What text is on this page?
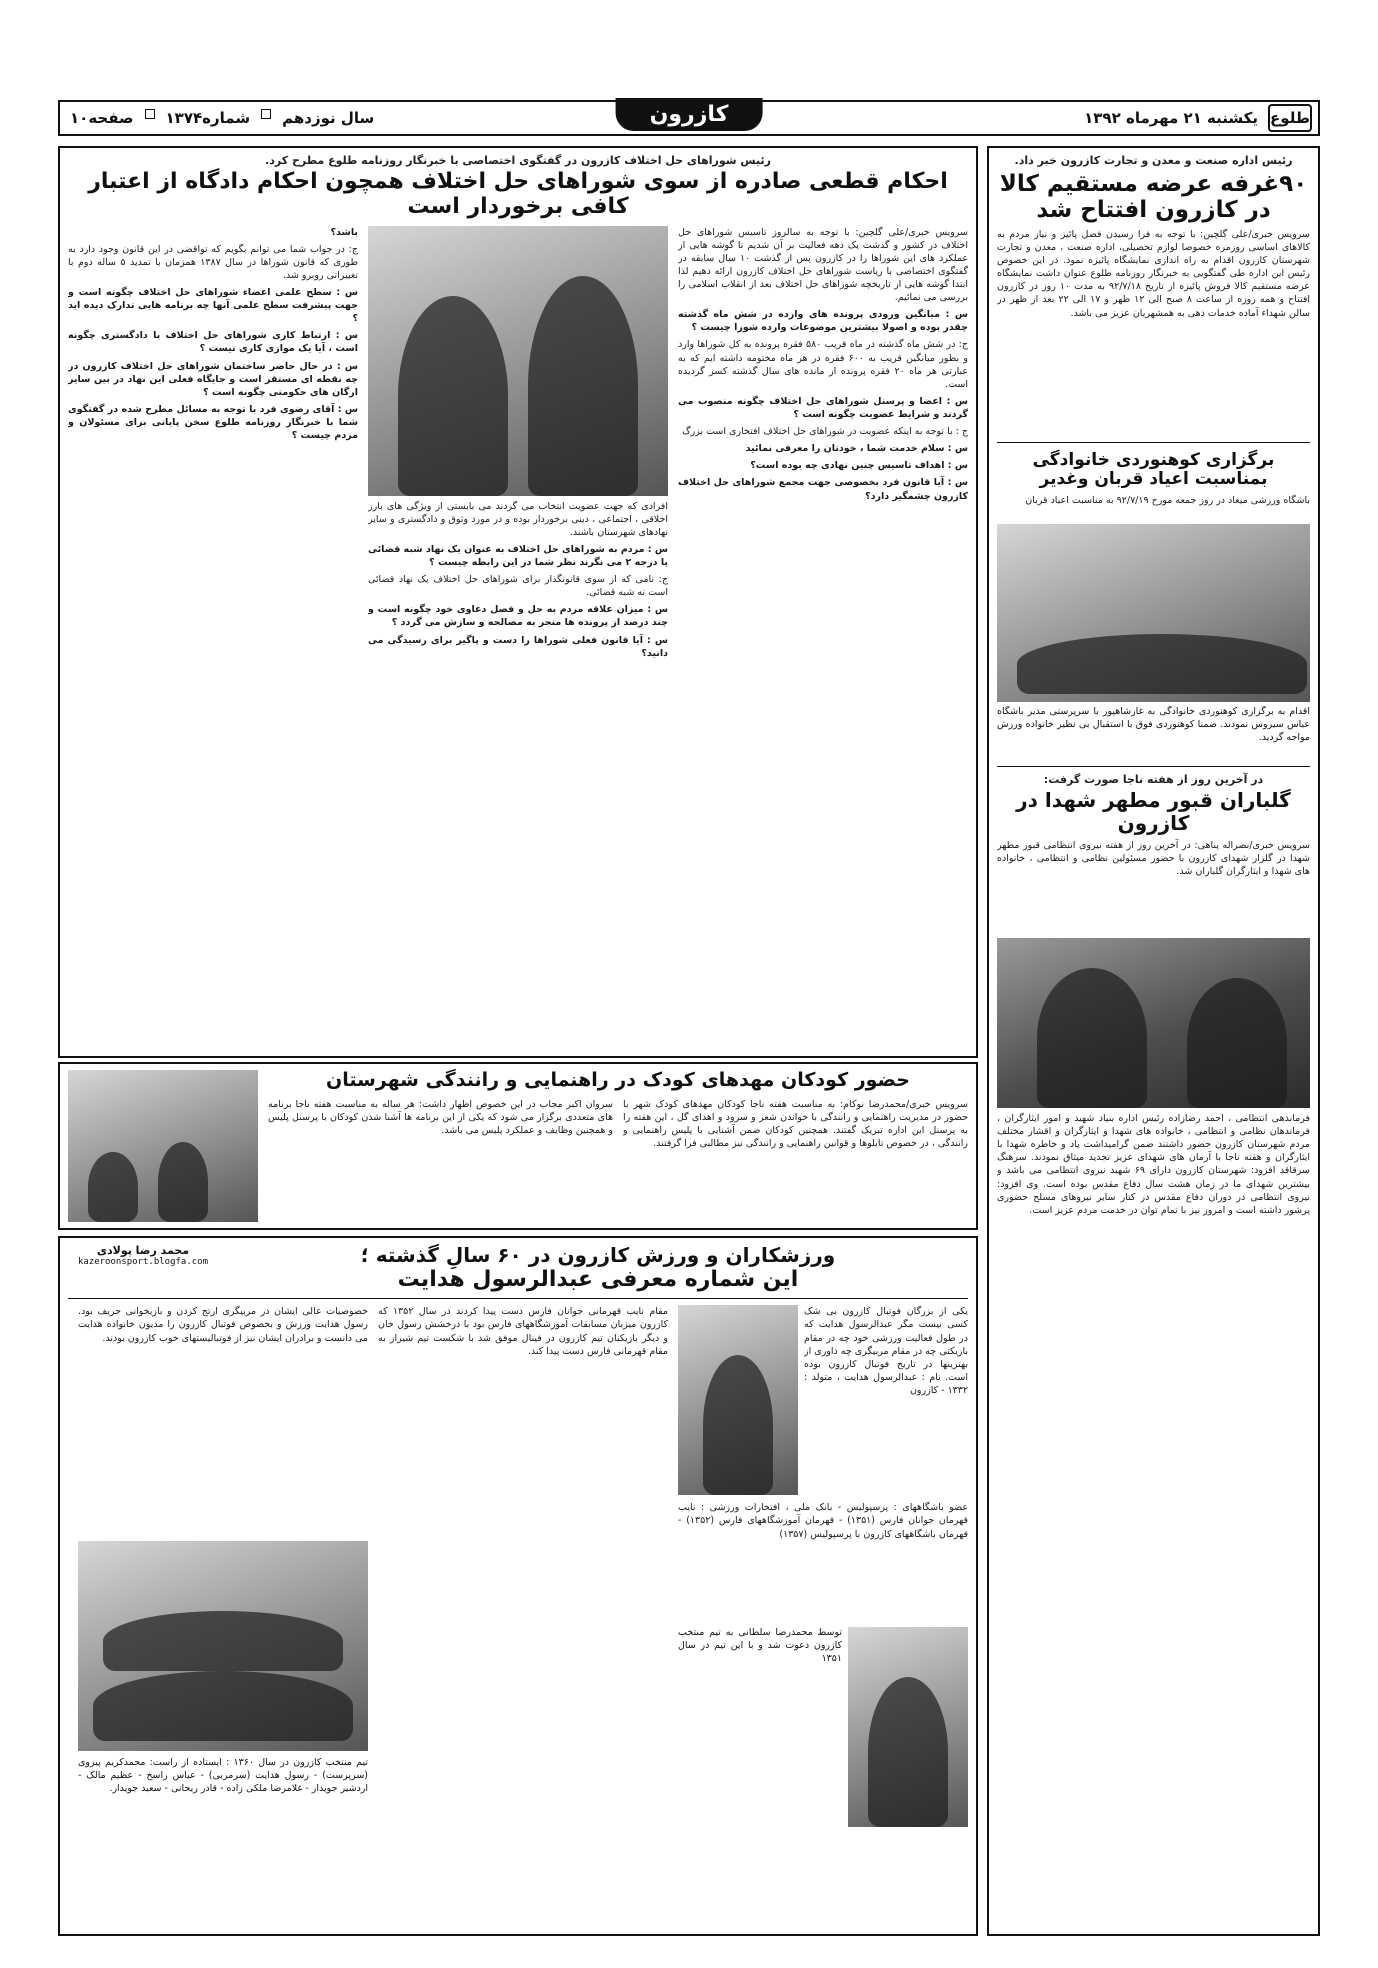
طلوع
یکشنبه ۲۱ مهرماه ۱۳۹۲
کازرون
سال نوزدهم
شماره۱۳۷۴
صفحه۱۰
رئیس اداره صنعت و معدن و تجارت کازرون خبر داد.
۹۰غرفه عرضه مستقیم کالا در کازرون افتتاح شد
سرویس خبری/علی گلچین: با توجه به فرا رسیدن فصل پائیز و نیاز مردم به کالاهای اساسی روزمره خصوصا لوازم تحصیلی، اداره صنعت ، معدن و تجارت شهرستان کازرون اقدام به راه اندازی نمایشگاه پائیزه نمود. در این خصوص رئیس این اداره طی گفتگویی به خبرنگار روزنامه طلوع عنوان داشت نمایشگاه عرضه مستقیم کالا فروش پائیزه از تاریخ ۹۲/۷/۱۸ به مدت ۱۰ روز در کازرون افتتاح و همه روزه از ساعت ۸ صبح الی ۱۲ ظهر و ۱۷ الی ۲۲ بعد از ظهر در سالن شهداء آماده خدمات دهی به همشهریان عزیز می باشد.
برگزاری کوهنوردی خانوادگی بمناسبت اعیاد قربان وغدیر
باشگاه ورزشی میعاد در روز جمعه مورخ ۹۲/۷/۱۹ به مناسبت اعیاد قربان
اقدام به برگزاری کوهنوردی خانوادگی به غارشاهپور با سرپرستی مدیر باشگاه عباس سیروس نمودند. ضمنا کوهنوردی فوق با استقبال بی نظیر خانواده ورزش مواجه گردید.
در آخرین روز از هفته ناجا صورت گرفت:
گلباران قبور مطهر شهدا در کازرون
سرویس خبری/نصراله پناهی: در آخرین روز از هفته نیروی انتظامی قبور مطهر شهدا در گلزار شهدای کازرون با حضور مسئولین نظامی و انتظامی ، خانواده های شهدا و ایثارگران گلباران شد.
فرماندهی انتظامی ، احمد رضازاده رئیس اداره بنیاد شهید و امور ایثارگران ، فرماندهان نظامی و انتظامی ، خانواده های شهدا و ایثارگران و اقشار مختلف مردم شهرستان کازرون حضور داشتند ضمن گرامیداشت یاد و خاطره شهدا با ایثارگران و هفته ناجا با آرمان های شهدای عزیز تجدید میثاق نمودند. سرهنگ سرقاقد افزود: شهرستان کازرون دارای ۶۹ شهید نیروی انتظامی می باشد و بیشترین شهدای ما در زمان هشت سال دفاع مقدس بوده است. وی افزود: نیروی انتظامی در دوران دفاع مقدس در کنار سایر نیروهای مسلح حضوری پرشور داشته است و امروز نیز با تمام توان در خدمت مردم عزیز است.
رئیس شوراهای حل اختلاف کازرون در گفتگوی اختصاصی با خبرنگار روزنامه طلوع مطرح کرد.
احکام قطعی صادره از سوی شوراهای حل اختلاف همچون احکام دادگاه از اعتبار کافی برخوردار است
سرویس خبری/علی گلچین: با توجه به سالروز تاسیس شوراهای حل اختلاف در کشور و گذشت یک دهه فعالیت بر آن شدیم تا گوشه هایی از عملکرد های این شوراها را در کازرون پس از گذشت ۱۰ سال سابقه در گفتگوی اختصاصی با ریاست شوراهای حل اختلاف کازرون ارائه دهیم لذا ابتدا گوشه هایی از تاریخچه شوراهای حل اختلاف بعد از انقلاب اسلامی را بررسی می نمائیم.
س : میانگین ورودی پرونده های وارده در شش ماه گذشته چقدر بوده و اصولا بیشترین موضوعات وارده شورا چیست ؟
ج: در شش ماه گذشته در ماه قریب ۵۸۰ فقره پرونده به کل شوراها وارد و بطور میانگین قریب به ۶۰۰ فقره در هر ماه مختومه داشته ایم که به عبارتی هر ماه ۲۰ فقره پرونده از مانده های سال گذشته کسر گردیده است.
س : اعضا و پرسنل شوراهای حل اختلاف چگونه منصوب می گردند و شرایط عضویت چگونه است ؟
ج : با توجه به اینکه عضویت در شوراهای حل اختلاف افتخاری است بزرگ
س : سلام خدمت شما ، خودتان را معرفی نمائید
س : اهداف تاسیس چنین نهادی چه بوده است؟
س : آیا قانون فرد بخصوصی جهت مجمع شوراهای حل اختلاف کازرون چشمگیر دارد؟
افرادی که جهت عضویت انتخاب می گردند می بایستی از ویژگی های بارز اخلاقی ، اجتماعی ، دینی برخوردار بوده و در مورد وثوق و دادگستری و سایر نهادهای شهرستان باشند.
س : مردم به شوراهای حل اختلاف به عنوان یک نهاد شبه قضائی یا درجه ۲ می نگرند نظر شما در این رابطه چیست ؟
ج: نامی که از سوی قانونگذار برای شوراهای حل اختلاف یک نهاد قضائی است نه شبه قضائی.
س : میزان علاقه مردم به حل و فصل دعاوی خود چگونه است و چند درصد از پرونده ها منجر به مصالحه و سازش می گردد ؟
س : آیا قانون فعلی شوراها را دست و پاگیر برای رسیدگی می دانید؟
باشد؟
ج: در جواب شما می توانم بگویم که تواقضی در این قانون وجود دارد به طوری که قانون شوراها در سال ۱۳۸۷ همزمان با تمدید ۵ ساله دوم با تغییراتی روبرو شد.
س : سطح علمی اعضاء شوراهای حل اختلاف چگونه است و جهت پیشرفت سطح علمی آنها چه برنامه هایی تدارک دیده اید ؟
س : ارتباط کاری شوراهای حل اختلاف با دادگستری چگونه است ، آیا یک موازی کاری نیست ؟
س : در حال حاضر ساختمان شوراهای حل اختلاف کازرون در چه نقطه ای مستقر است و جایگاه فعلی این نهاد در بین سایر ارگان های حکومتی چگونه است ؟
س : آقای رضوی فرد با توجه به مسائل مطرح شده در گفتگوی شما با خبرنگار روزنامه طلوع سخن پایانی برای مسئولان و مردم چیست ؟
حضور کودکان مهدهای کودک در راهنمایی و رانندگی شهرستان
سرویس خبری/محمدرضا نوکام: به مناسبت هفته ناجا کودکان مهدهای کودک شهر با حضور در مدیریت راهنمایی و رانندگی با خواندن شعر و سرود و اهدای گل ، این هفته را به پرسنل این اداره تبریک گفتند. همچنین کودکان ضمن آشنایی با پلیس راهنمایی و رانندگی ، در خصوص تابلوها و قوانین راهنمایی و رانندگی نیز مطالبی فرا گرفتند.
سروان اکبر مجاب در این خصوص اظهار داشت: هر ساله به مناسبت هفته ناجا برنامه های متعددی برگزار می شود که یکی از این برنامه ها آشنا شدن کودکان با پرسنل پلیس و همچنین وظایف و عملکرد پلیس می باشد.
ورزشکاران و ورزش کازرون در ۶۰ سالِ گذشته ؛
این شماره معرفی عبدالرسول هدایت
محمد رضا پولادی
kazeroonsport.blogfa.com
یکی از بزرگان فوتبال کازرون بی شک کسی نیست مگر عبدالرسول هدایت که در طول فعالیت ورزشی خود چه در مقام بازیکنی چه در مقام مربیگری چه داوری از بهترینها در تاریخ فوتبال کازرون بوده است. نام : عبدالرسول هدایت ، متولد : ۱۳۳۲ - کازرون
عضو باشگاههای : پرسپولیس - بانک ملی ، افتخارات ورزشی : نایب قهرمان جوانان فارس (۱۳۵۱) - قهرمان آموزشگاههای فارس (۱۳۵۲) - قهرمان باشگاههای کازرون با پرسپولیس (۱۳۵۷)
توسط محمدرضا سلطانی به تیم منتخب کازرون دعوت شد و با این تیم در سال ۱۳۵۱
مقام نایب قهرمانی جوانان فارس دست پیدا کردند در سال ۱۳۵۲ که کازرون میزبان مسابقات آموزشگاههای فارس بود با درخشش رسول خان و دیگر بازیکنان تیم کازرون در فینال موفق شد با شکست تیم شیراز به مقام قهرمانی فارس دست پیدا کند.
خصوصیات عالی ایشان در مربیگری ارتج کردن و بازیخوانی حریف بود. رسول هدایت ورزش و بخصوص فوتبال کازرون را مدیون خانواده هدایت می دانست و برادران ایشان نیز از فوتبالیستهای خوب کازرون بودند.
تیم منتخب کازرون در سال ۱۳۶۰ : ایستاده از راست: محمدکریم پیروی (سرپرست) - رسول هدایت (سرمربی) - عباس راسخ - عظیم مالک - اردشیر جویدار - غلامرضا ملکی زاده - قادر ریحانی - سعید جویدار.
